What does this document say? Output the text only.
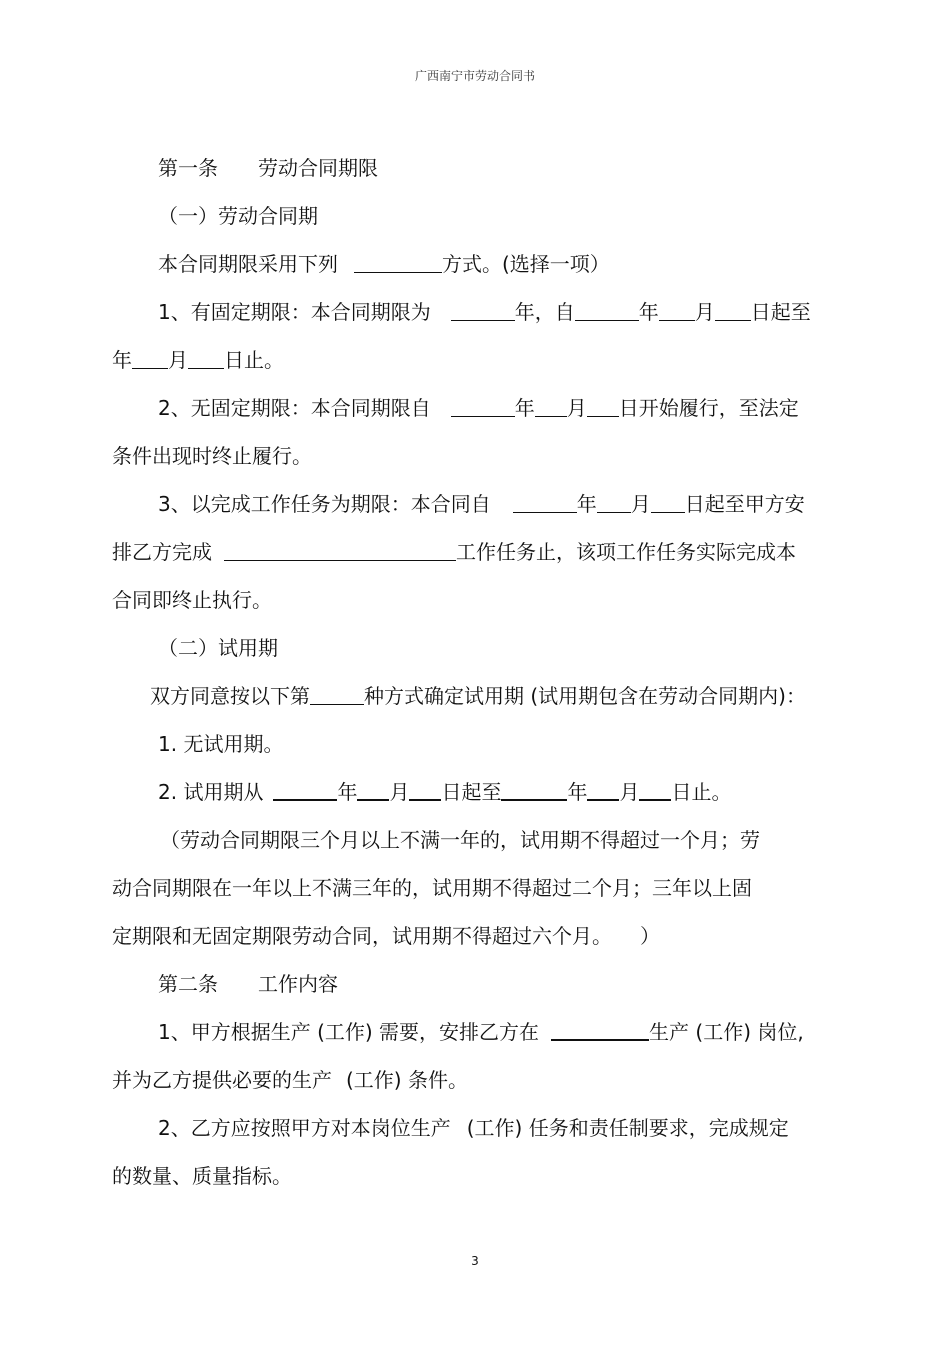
广西南宁市劳动合同书
第一条 劳动合同期限
（一）劳动合同期
本合同期限采用下列	方式。(选择一项）
1、有固定期限：本合同期限为	年，自	年 月 日起至
年 月 日止。
2、无固定期限：本合同期限自	年 月 日开始履行，至法定
条件出现时终止履行。
3、以完成工作任务为期限：本合同自	年 月 日起至甲方安
排乙方完成	工作任务止，该项工作任务实际完成本
合同即终止执行。
（二）试用期
双方同意按以下第	种方式确定试用期 (试用期包含在劳动合同期内)：
1. 无试用期。
2. 试用期从	年 月 日起至	年 月 日止。
（劳动合同期限三个月以上不满一年的，试用期不得超过一个月；劳
动合同期限在一年以上不满三年的，试用期不得超过二个月；三年以上固
定期限和无固定期限劳动合同，试用期不得超过六个月。 ）
第二条 工作内容
1、甲方根据生产 (工作) 需要，安排乙方在	生产 (工作) 岗位,
并为乙方提供必要的生产 (工作) 条件。
2、乙方应按照甲方对本岗位生产 (工作) 任务和责任制要求，完成规定
的数量、质量指标。
3
